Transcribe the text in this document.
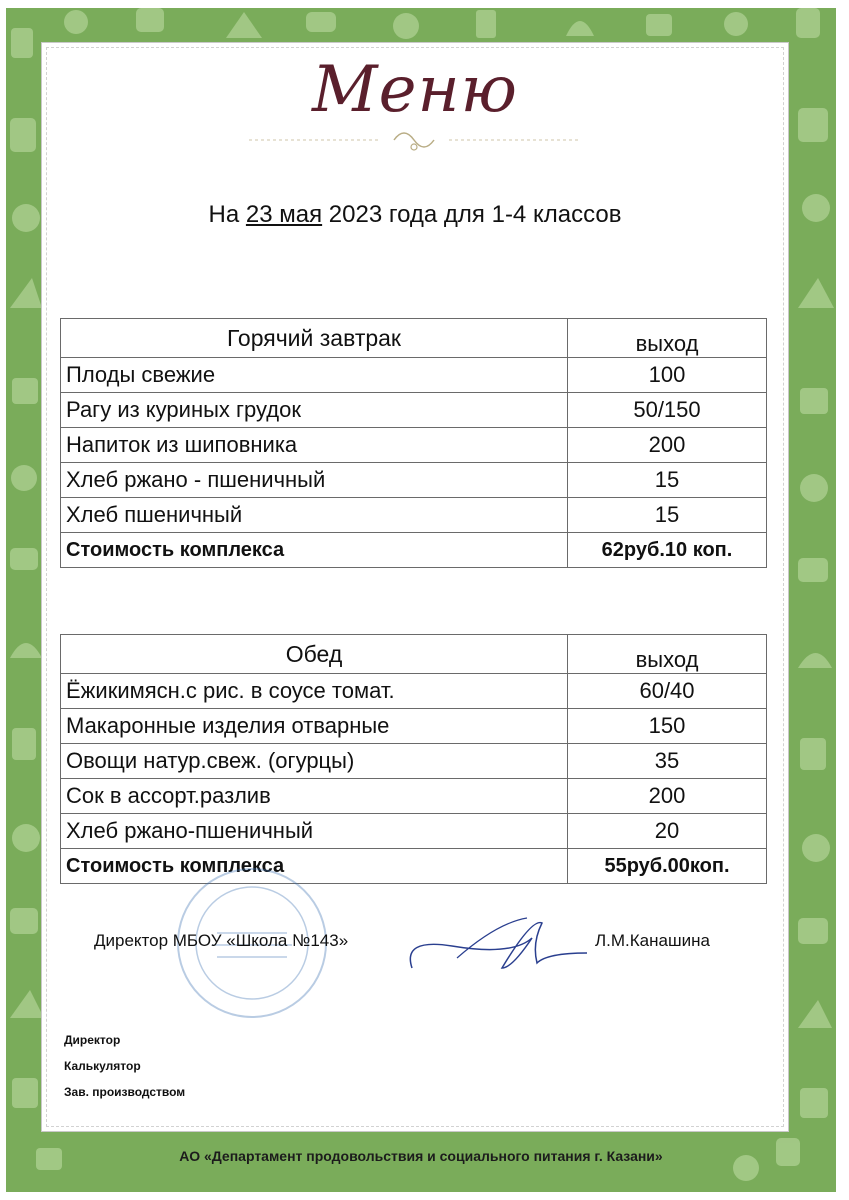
АО «Департамент продовольствия и социального питания г. Казани»
Меню
На 23 мая 2023 года для 1-4 классов
Горячий завтрак	выход
Плоды свежие	100
Рагу из куриных грудок	50/150
Напиток из шиповника	200
Хлеб ржано - пшеничный	15
Хлеб пшеничный	15
Стоимость комплекса	62руб.10 коп.
Обед	выход
Ёжикимясн.с рис. в соусе томат.	60/40
Макаронные изделия отварные	150
Овощи натур.свеж. (огурцы)	35
Сок в ассорт.разлив	200
Хлеб ржано-пшеничный	20
Стоимость комплекса	55руб.00коп.
Директор МБОУ «Школа №143»	Л.М.Канашина
Директор
Калькулятор
Зав. производством
